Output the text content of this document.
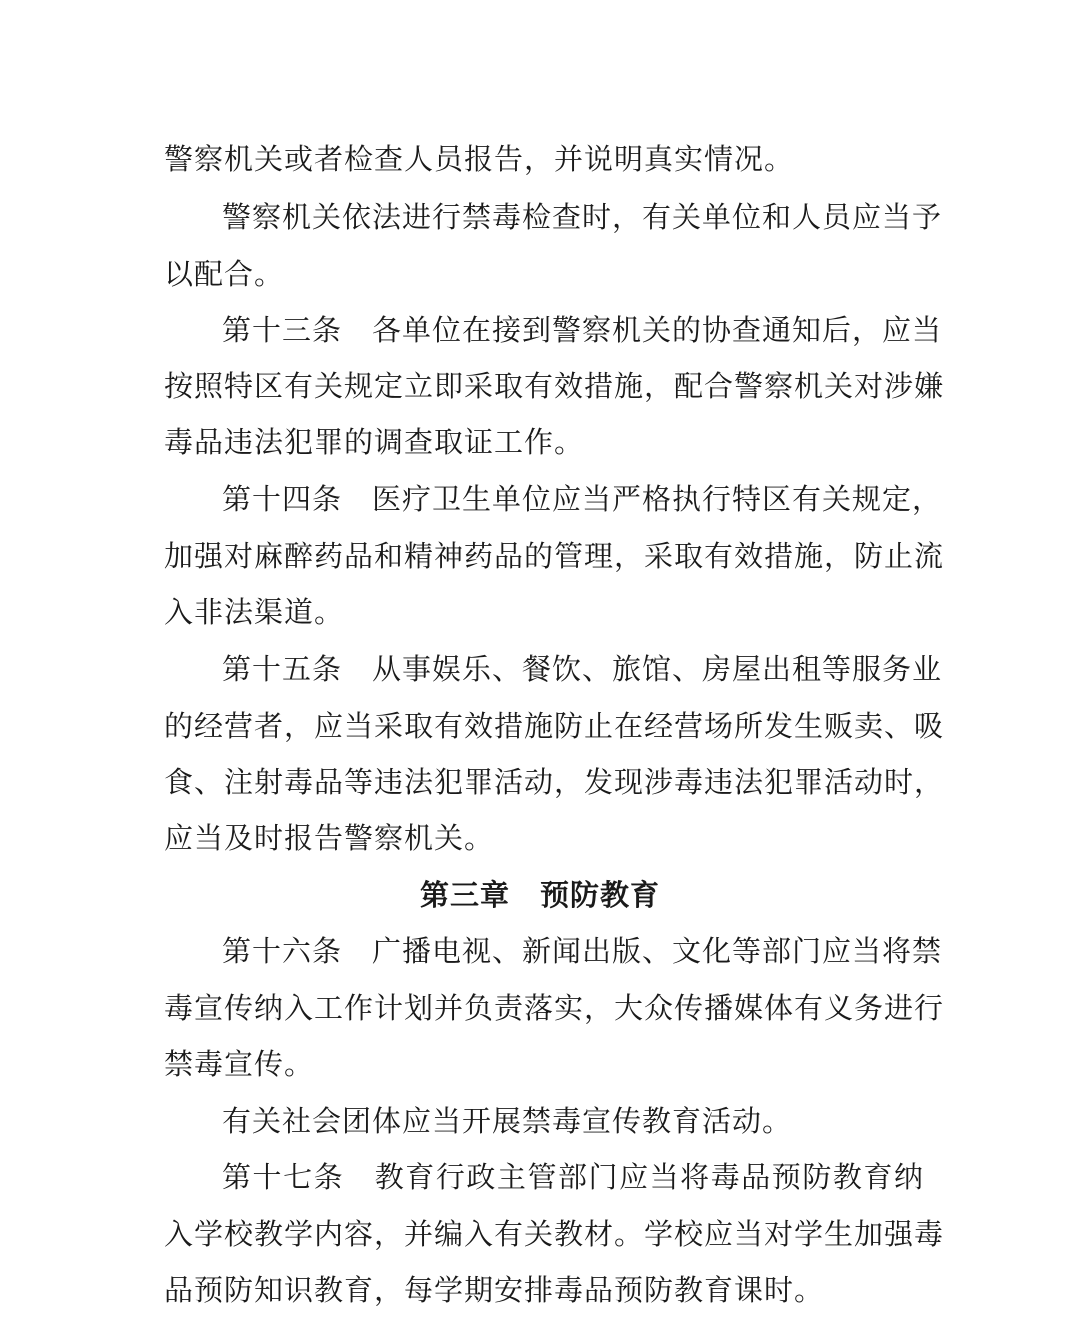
警察机关或者检查人员报告，并说明真实情况。
警察机关依法进行禁毒检查时，有关单位和人员应当予
以配合。
第十三条　各单位在接到警察机关的协查通知后，应当
按照特区有关规定立即采取有效措施，配合警察机关对涉嫌
毒品违法犯罪的调查取证工作。
第十四条　医疗卫生单位应当严格执行特区有关规定，
加强对麻醉药品和精神药品的管理，采取有效措施，防止流
入非法渠道。
第十五条　从事娱乐、餐饮、旅馆、房屋出租等服务业
的经营者，应当采取有效措施防止在经营场所发生贩卖、吸
食、注射毒品等违法犯罪活动，发现涉毒违法犯罪活动时，
应当及时报告警察机关。
第三章　预防教育
第十六条　广播电视、新闻出版、文化等部门应当将禁
毒宣传纳入工作计划并负责落实，大众传播媒体有义务进行
禁毒宣传。
有关社会团体应当开展禁毒宣传教育活动。
第十七条　教育行政主管部门应当将毒品预防教育纳
入学校教学内容，并编入有关教材。学校应当对学生加强毒
品预防知识教育，每学期安排毒品预防教育课时。
